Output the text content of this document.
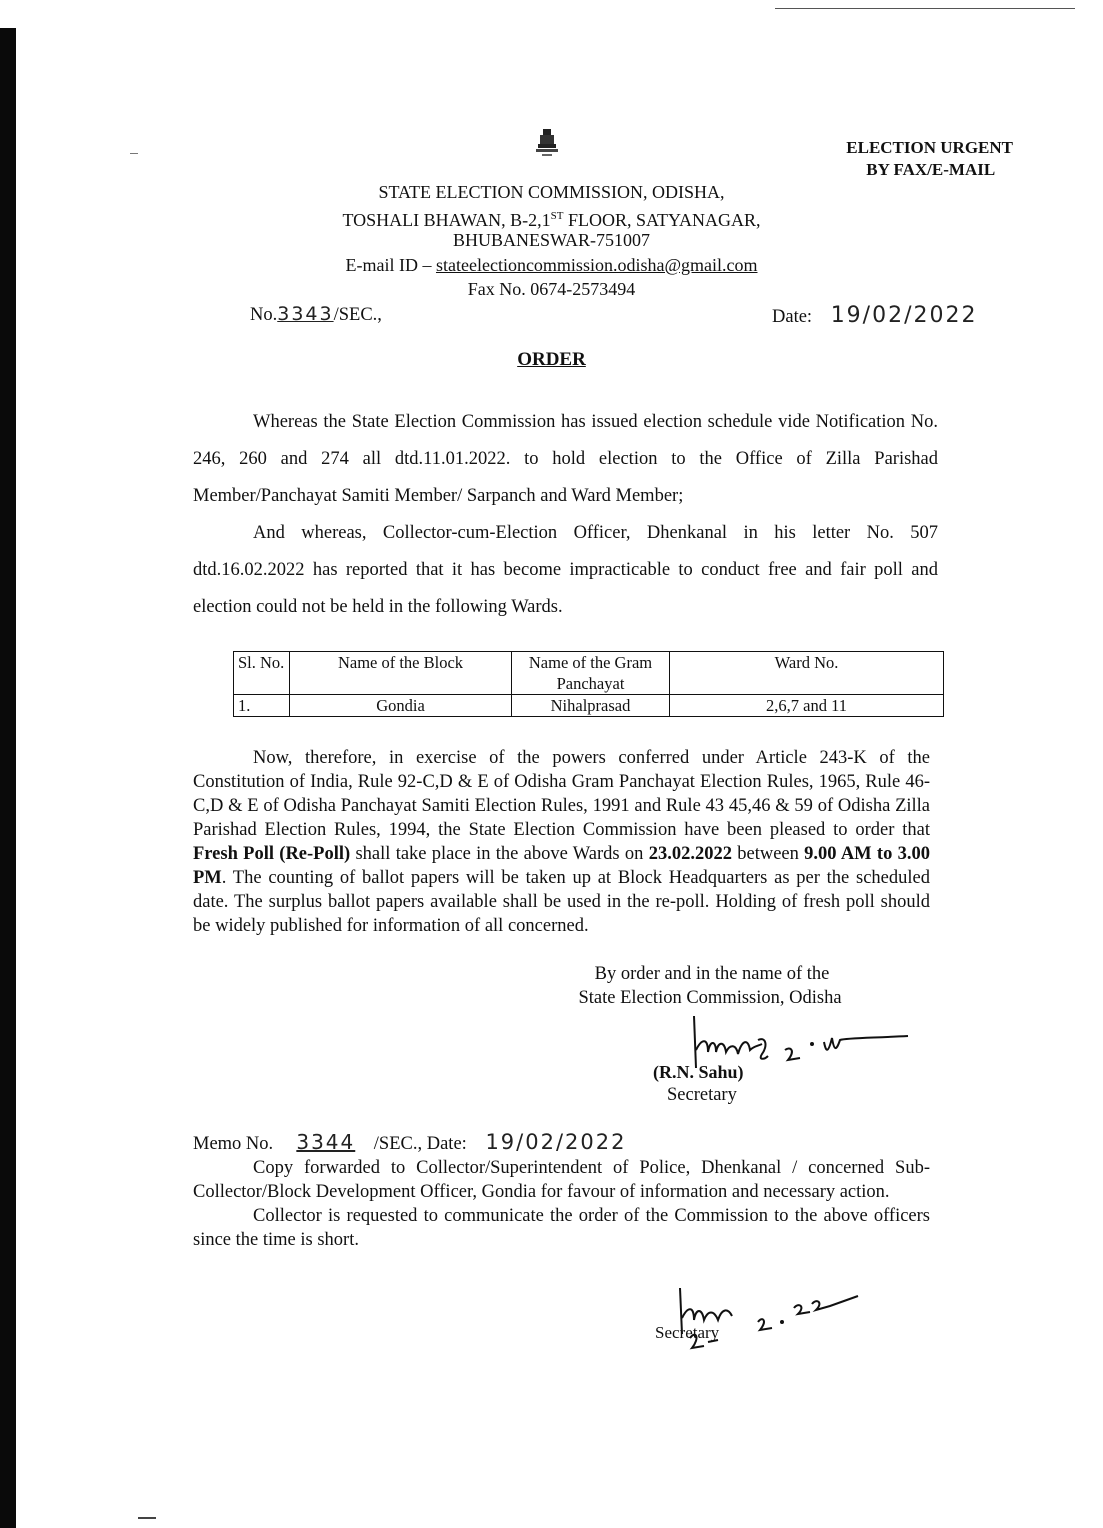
ELECTION URGENT
BY FAX/E-MAIL
STATE ELECTION COMMISSION, ODISHA,
TOSHALI BHAWAN, B-2,1ST FLOOR, SATYANAGAR,
BHUBANESWAR-751007
E-mail ID – stateelectioncommission.odisha@gmail.com
Fax No. 0674-2573494
No.3343/SEC.,	Date: 19/02/2022
ORDER

Whereas the State Election Commission has issued election schedule vide Notification No. 246, 260 and 274 all dtd.11.01.2022. to hold election to the Office of Zilla Parishad Member/Panchayat Samiti Member/ Sarpanch and Ward Member;

And whereas, Collector-cum-Election Officer, Dhenkanal in his letter No. 507 dtd.16.02.2022 has reported that it has become impracticable to conduct free and fair poll and election could not be held in the following Wards.

Sl. No.	Name of the Block	Name of the Gram Panchayat	Ward No.
1.	Gondia	Nihalprasad	2,6,7 and 11

Now, therefore, in exercise of the powers conferred under Article 243-K of the Constitution of India, Rule 92-C,D & E of Odisha Gram Panchayat Election Rules, 1965, Rule 46-C,D & E of Odisha Panchayat Samiti Election Rules, 1991 and Rule 43 45,46 & 59 of Odisha Zilla Parishad Election Rules, 1994, the State Election Commission have been pleased to order that Fresh Poll (Re-Poll) shall take place in the above Wards on 23.02.2022 between 9.00 AM to 3.00 PM. The counting of ballot papers will be taken up at Block Headquarters as per the scheduled date. The surplus ballot papers available shall be used in the re-poll. Holding of fresh poll should be widely published for information of all concerned.

By order and in the name of the
State Election Commission, Odisha
(R.N. Sahu)
Secretary
Memo No. 3344 /SEC., Date: 19/02/2022

Copy forwarded to Collector/Superintendent of Police, Dhenkanal / concerned Sub-Collector/Block Development Officer, Gondia for favour of information and necessary action.

Collector is requested to communicate the order of the Commission to the above officers since the time is short.

Secretary
